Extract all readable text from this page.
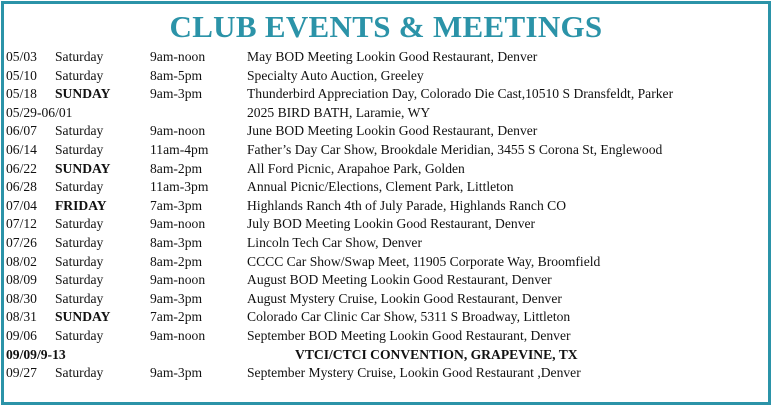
CLUB EVENTS & MEETINGS
05/03 Saturday	9am-noon	May BOD Meeting Lookin Good Restaurant, Denver
05/10 Saturday	8am-5pm	Specialty Auto Auction, Greeley
05/18 SUNDAY	9am-3pm	Thunderbird Appreciation Day, Colorado Die Cast,10510 S Dransfeldt, Parker
05/29-06/01	2025 BIRD BATH, Laramie, WY
06/07 Saturday	9am-noon	June BOD Meeting Lookin Good Restaurant, Denver
06/14 Saturday	11am-4pm	Father’s Day Car Show, Brookdale Meridian, 3455 S Corona St, Englewood
06/22 SUNDAY	8am-2pm	All Ford Picnic, Arapahoe Park, Golden
06/28 Saturday	11am-3pm	Annual Picnic/Elections, Clement Park, Littleton
07/04 FRIDAY	7am-3pm	Highlands Ranch 4th of July Parade, Highlands Ranch CO
07/12 Saturday	9am-noon	July BOD Meeting Lookin Good Restaurant, Denver
07/26 Saturday	8am-3pm	Lincoln Tech Car Show, Denver
08/02 Saturday	8am-2pm	CCCC Car Show/Swap Meet, 11905 Corporate Way, Broomfield
08/09 Saturday	9am-noon	August BOD Meeting Lookin Good Restaurant, Denver
08/30 Saturday	9am-3pm	August Mystery Cruise, Lookin Good Restaurant, Denver
08/31 SUNDAY	7am-2pm	Colorado Car Clinic Car Show, 5311 S Broadway, Littleton
09/06 Saturday	9am-noon	September BOD Meeting Lookin Good Restaurant, Denver
09/09/9-13	VTCI/CTCI CONVENTION, GRAPEVINE, TX
09/27 Saturday	9am-3pm	September Mystery Cruise, Lookin Good Restaurant ,Denver
